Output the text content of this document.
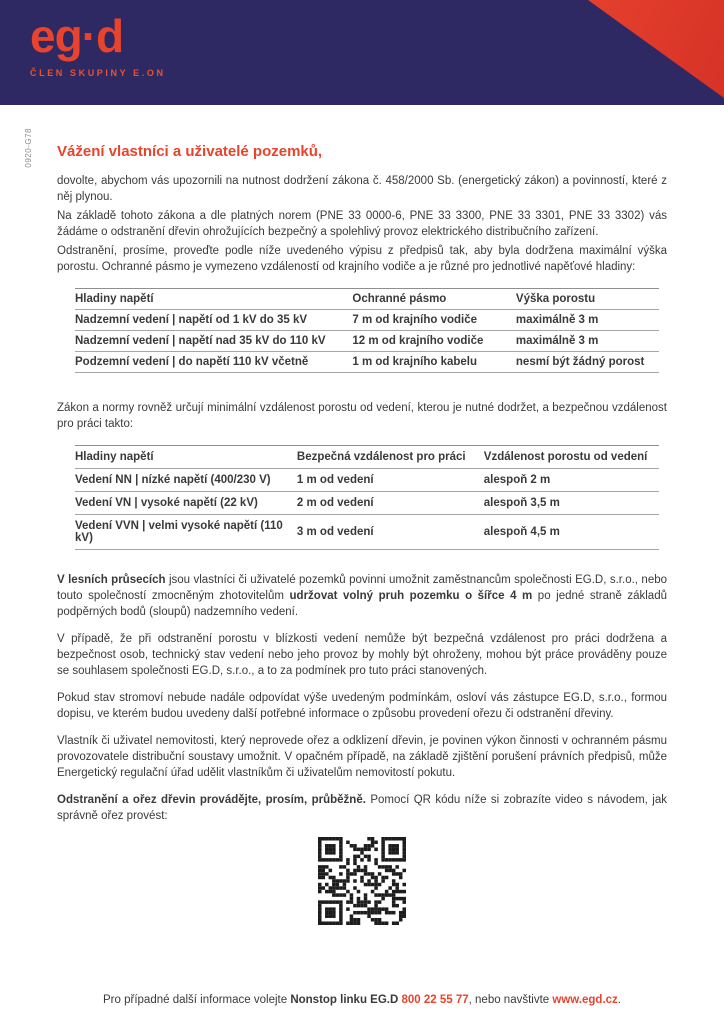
eg·d
ČLEN SKUPINY E.ON
0920-G78 Vážení vlastníci a uživatelé pozemků,

dovolte, abychom vás upozornili na nutnost dodržení zákona č. 458/2000 Sb. (energetický zákon) a povinností, které z něj plynou.

Na základě tohoto zákona a dle platných norem (PNE 33 0000-6, PNE 33 3300, PNE 33 3301, PNE 33 3302) vás žádáme o odstranění dřevin ohrožujících bezpečný a spolehlivý provoz elektrického distribučního zařízení.

Odstranění, prosíme, proveďte podle níže uvedeného výpisu z předpisů tak, aby byla dodržena maximální výška porostu. Ochranné pásmo je vymezeno vzdáleností od krajního vodiče a je různé pro jednotlivé napěťové hladiny:

Hladiny napětí	Ochranné pásmo	Výška porostu
Nadzemní vedení | napětí od 1 kV do 35 kV	7 m od krajního vodiče	maximálně 3 m
Nadzemní vedení | napětí nad 35 kV do 110 kV	12 m od krajního vodiče	maximálně 3 m
Podzemní vedení | do napětí 110 kV včetně	1 m od krajního kabelu	nesmí být žádný porost

Zákon a normy rovněž určují minimální vzdálenost porostu od vedení, kterou je nutné dodržet, a bezpečnou vzdálenost pro práci takto:

Hladiny napětí	Bezpečná vzdálenost pro práci	Vzdálenost porostu od vedení
Vedení NN | nízké napětí (400/230 V)	1 m od vedení	alespoň 2 m
Vedení VN | vysoké napětí (22 kV)	2 m od vedení	alespoň 3,5 m
Vedení VVN | velmi vysoké napětí (110 kV)	3 m od vedení	alespoň 4,5 m

V lesních průsecích jsou vlastníci či uživatelé pozemků povinni umožnit zaměstnancům společnosti EG.D, s.r.o., nebo touto společností zmocněným zhotovitelům udržovat volný pruh pozemku o šířce 4 m po jedné straně základů podpěrných bodů (sloupů) nadzemního vedení.

V případě, že při odstranění porostu v blízkosti vedení nemůže být bezpečná vzdálenost pro práci dodržena a bezpečnost osob, technický stav vedení nebo jeho provoz by mohly být ohroženy, mohou být práce prováděny pouze se souhlasem společnosti EG.D, s.r.o., a to za podmínek pro tuto práci stanovených.

Pokud stav stromoví nebude nadále odpovídat výše uvedeným podmínkám, osloví vás zástupce EG.D, s.r.o., formou dopisu, ve kterém budou uvedeny další potřebné informace o způsobu provedení ořezu či odstranění dřeviny.

Vlastník či uživatel nemovitosti, který neprovede ořez a odklizení dřevin, je povinen výkon činnosti v ochranném pásmu provozovatele distribuční soustavy umožnit. V opačném případě, na základě zjištění porušení právních předpisů, může Energetický regulační úřad udělit vlastníkům či uživatelům nemovitostí pokutu.

Odstranění a ořez dřevin provádějte, prosím, průběžně. Pomocí QR kódu níže si zobrazíte video s návodem, jak správně ořez provést:

Pro případné další informace volejte Nonstop linku EG.D 800 22 55 77, nebo navštivte www.egd.cz.
